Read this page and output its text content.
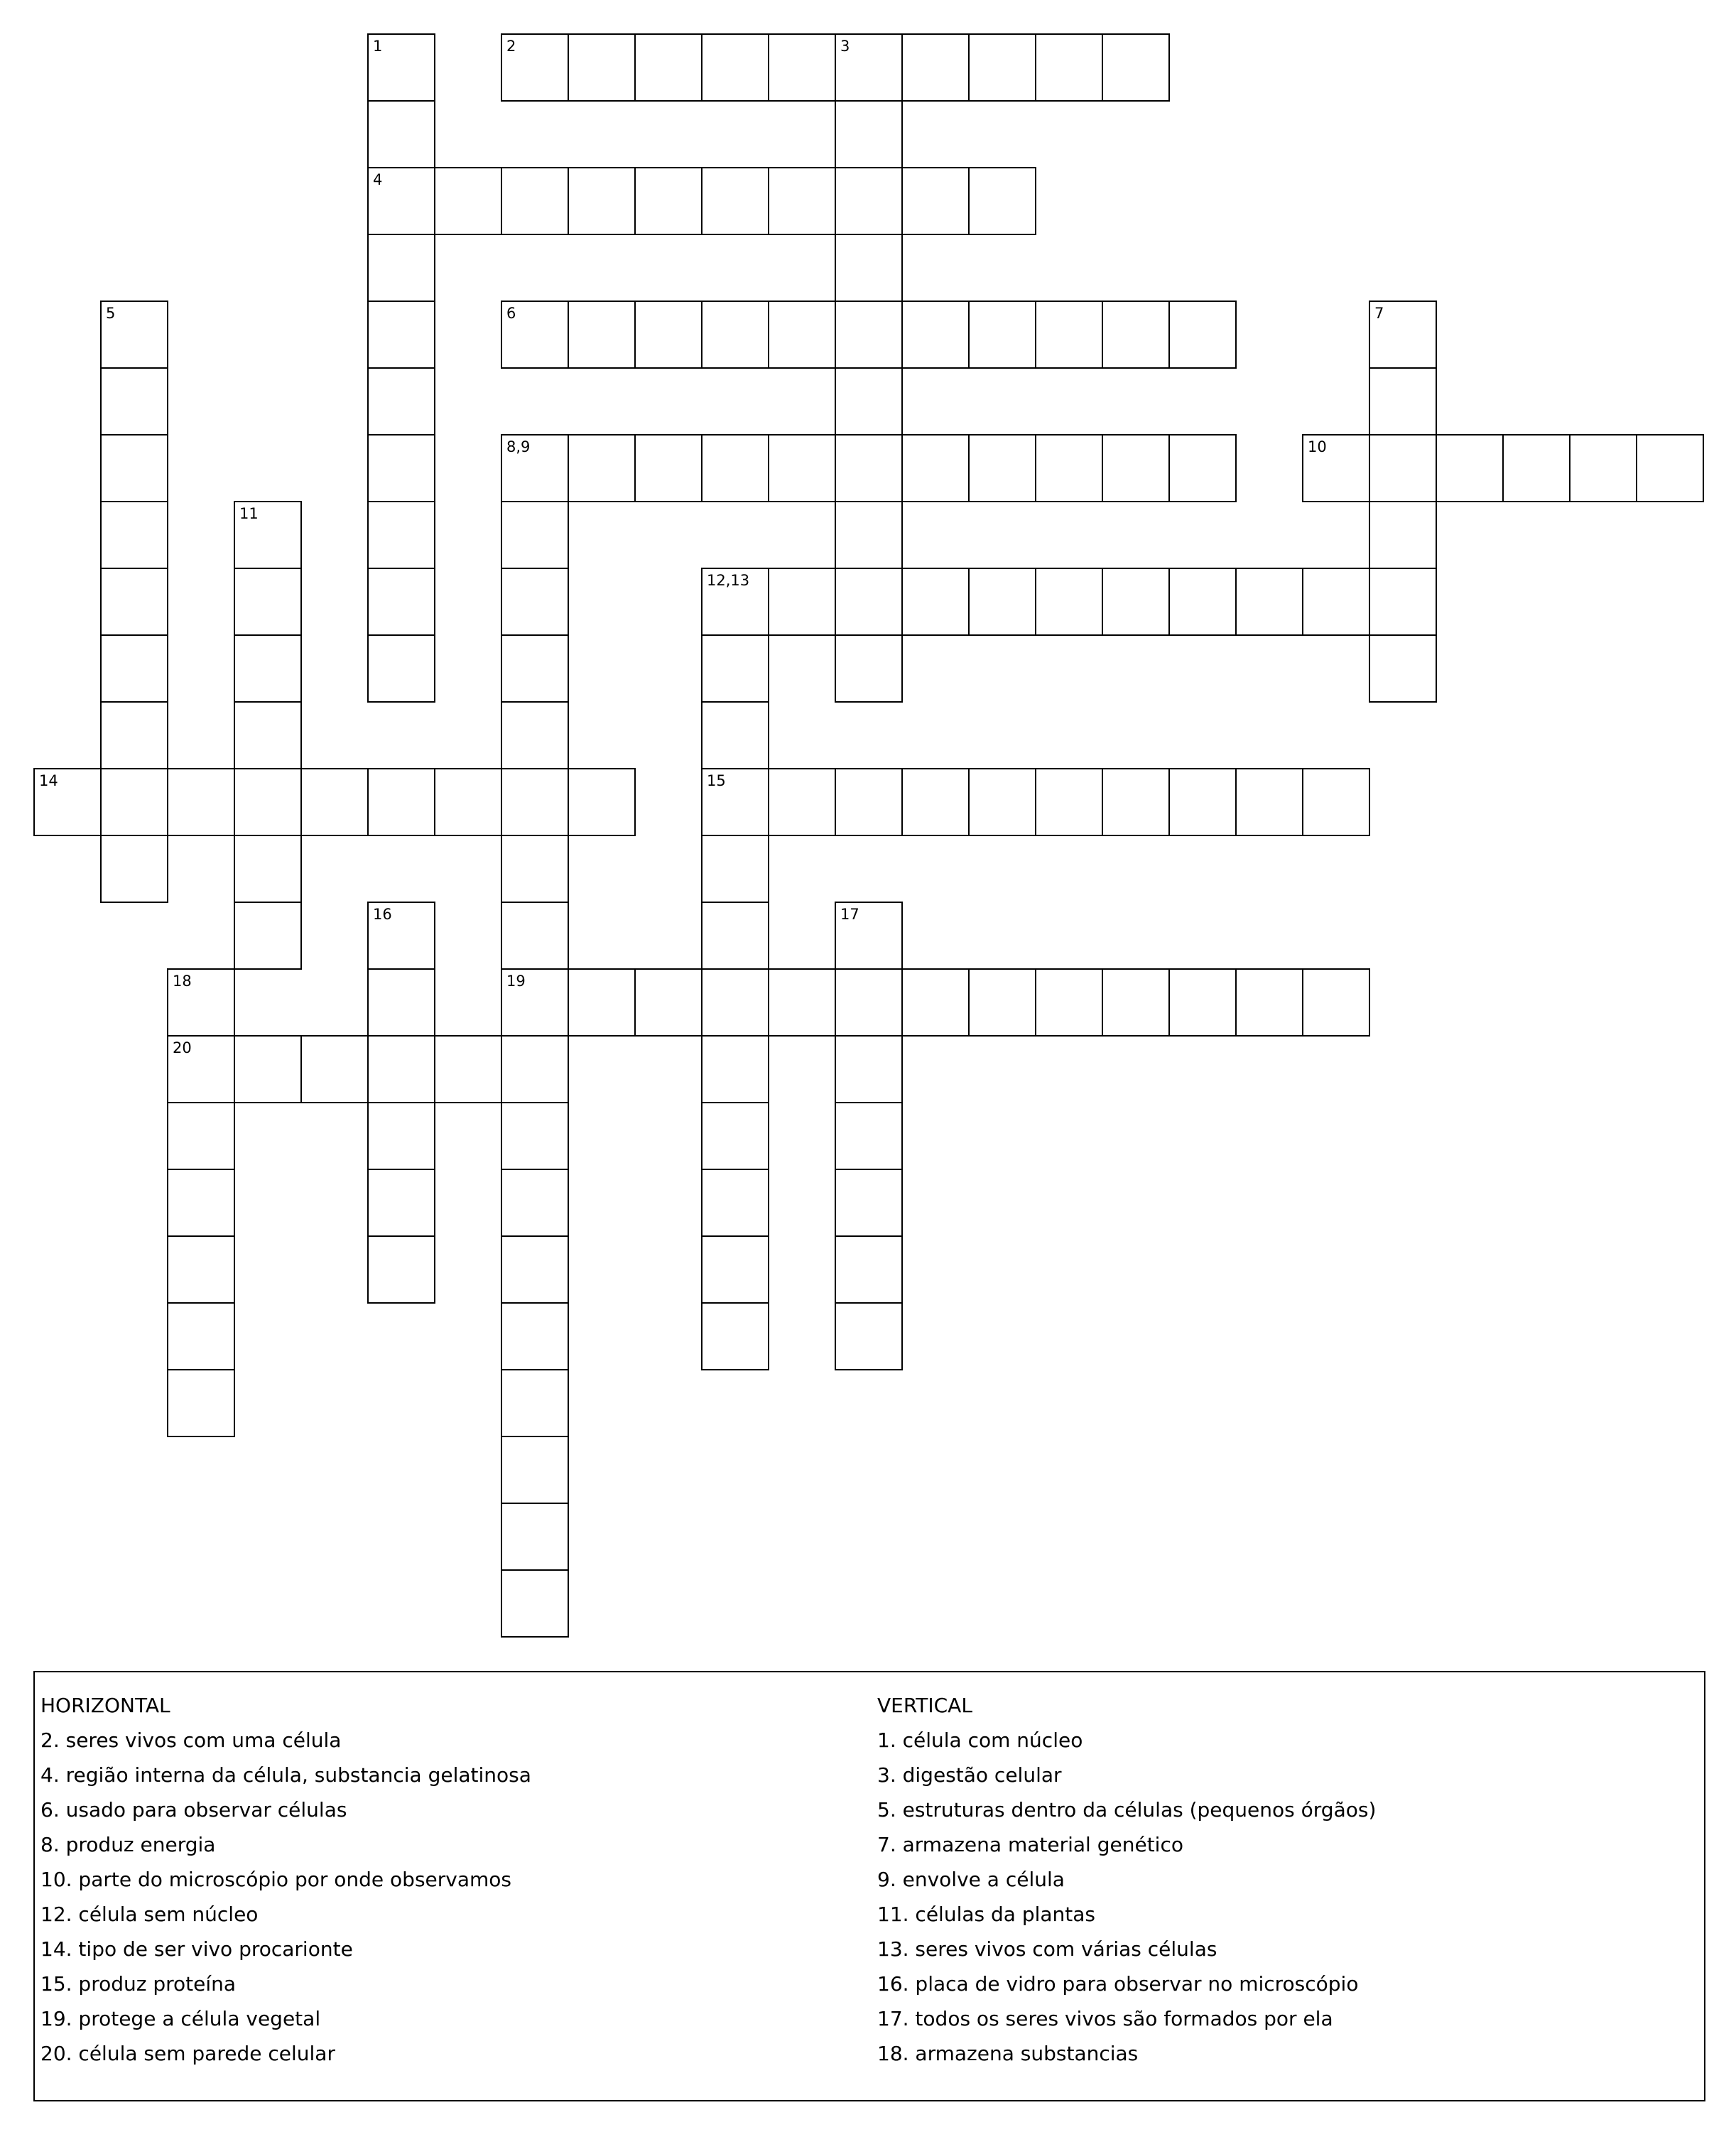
1	2	3
4
5	6	7
8,9	10
11
12,13
14	15
16	17
18	19
20
HORIZONTAL
2. seres vivos com uma célula
4. região interna da célula, substancia gelatinosa
6. usado para observar células
8. produz energia
10. parte do microscópio por onde observamos
12. célula sem núcleo
14. tipo de ser vivo procarionte
15. produz proteína
19. protege a célula vegetal
20. célula sem parede celular
VERTICAL
1. célula com núcleo
3. digestão celular
5. estruturas dentro da células (pequenos órgãos)
7. armazena material genético
9. envolve a célula
11. células da plantas
13. seres vivos com várias células
16. placa de vidro para observar no microscópio
17. todos os seres vivos são formados por ela
18. armazena substancias
